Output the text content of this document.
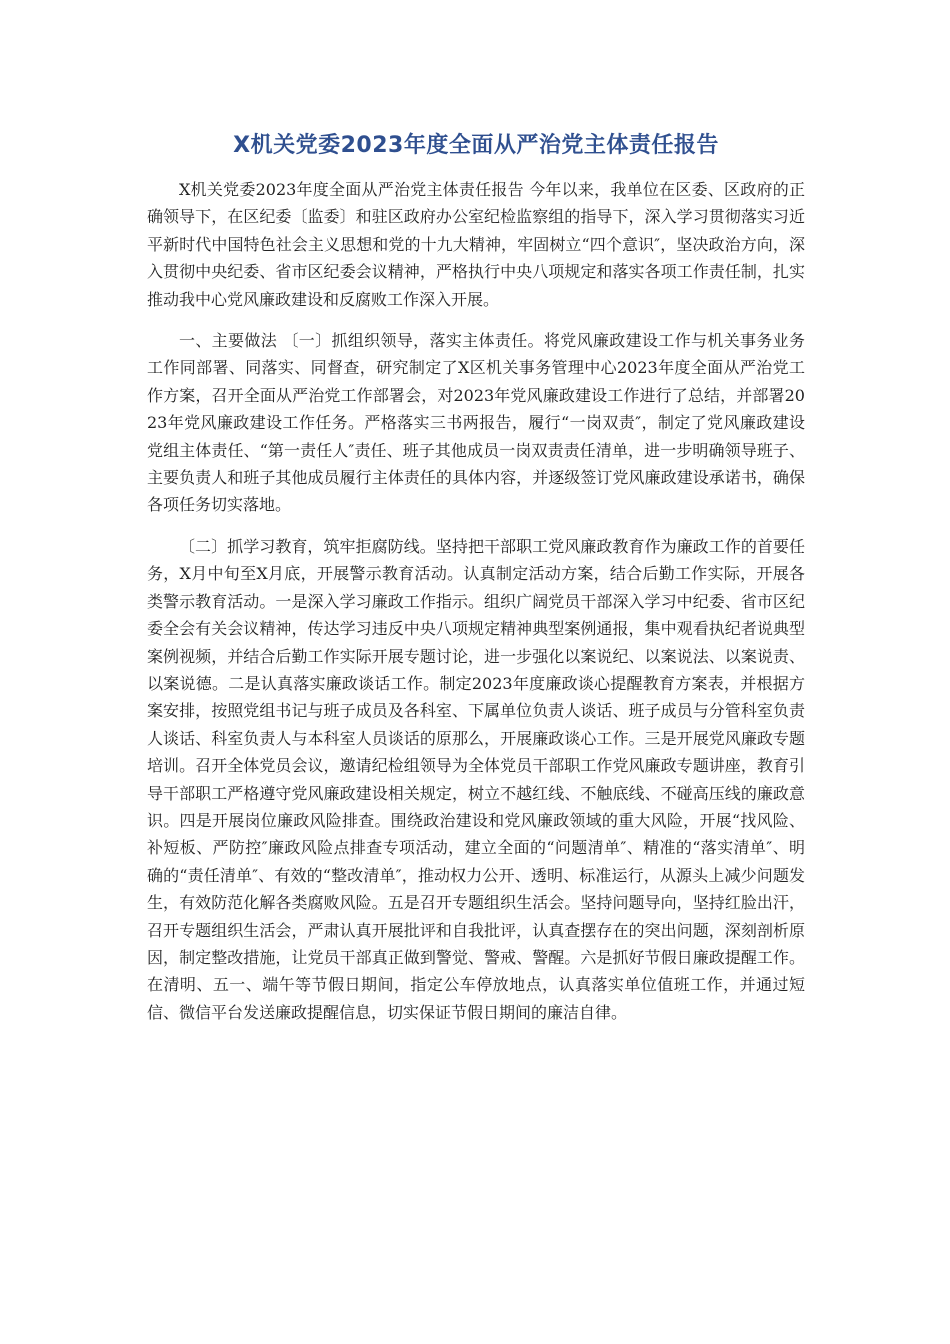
X机关党委2023年度全面从严治党主体责任报告

X机关党委2023年度全面从严治党主体责任报告 今年以来，我单位在区委、区政府的正确领导下，在区纪委〔监委〕和驻区政府办公室纪检监察组的指导下，深入学习贯彻落实习近平新时代中国特色社会主义思想和党的十九大精神，牢固树立“四个意识″，坚决政治方向，深入贯彻中央纪委、省市区纪委会议精神，严格执行中央八项规定和落实各项工作责任制，扎实推动我中心党风廉政建设和反腐败工作深入开展。

一、主要做法 〔一〕抓组织领导，落实主体责任。将党风廉政建设工作与机关事务业务工作同部署、同落实、同督查，研究制定了X区机关事务管理中心2023年度全面从严治党工作方案，召开全面从严治党工作部署会，对2023年党风廉政建设工作进行了总结，并部署2023年党风廉政建设工作任务。严格落实三书两报告，履行“一岗双责″，制定了党风廉政建设党组主体责任、“第一责任人″责任、班子其他成员一岗双责责任清单，进一步明确领导班子、主要负责人和班子其他成员履行主体责任的具体内容，并逐级签订党风廉政建设承诺书，确保各项任务切实落地。

〔二〕抓学习教育，筑牢拒腐防线。坚持把干部职工党风廉政教育作为廉政工作的首要任务，X月中旬至X月底，开展警示教育活动。认真制定活动方案，结合后勤工作实际，开展各类警示教育活动。一是深入学习廉政工作指示。组织广阔党员干部深入学习中纪委、省市区纪委全会有关会议精神，传达学习违反中央八项规定精神典型案例通报，集中观看执纪者说典型案例视频，并结合后勤工作实际开展专题讨论，进一步强化以案说纪、以案说法、以案说责、以案说德。二是认真落实廉政谈话工作。制定2023年度廉政谈心提醒教育方案表，并根据方案安排，按照党组书记与班子成员及各科室、下属单位负责人谈话、班子成员与分管科室负责人谈话、科室负责人与本科室人员谈话的原那么，开展廉政谈心工作。三是开展党风廉政专题培训。召开全体党员会议，邀请纪检组领导为全体党员干部职工作党风廉政专题讲座，教育引导干部职工严格遵守党风廉政建设相关规定，树立不越红线、不触底线、不碰高压线的廉政意识。四是开展岗位廉政风险排查。围绕政治建设和党风廉政领域的重大风险，开展“找风险、补短板、严防控″廉政风险点排查专项活动，建立全面的“问题清单″、精准的“落实清单″、明确的“责任清单″、有效的“整改清单″，推动权力公开、透明、标准运行，从源头上减少问题发生，有效防范化解各类腐败风险。五是召开专题组织生活会。坚持问题导向，坚持红脸出汗，召开专题组织生活会，严肃认真开展批评和自我批评，认真查摆存在的突出问题，深刻剖析原因，制定整改措施，让党员干部真正做到警觉、警戒、警醒。六是抓好节假日廉政提醒工作。在清明、五一、端午等节假日期间，指定公车停放地点，认真落实单位值班工作，并通过短信、微信平台发送廉政提醒信息，切实保证节假日期间的廉洁自律。
